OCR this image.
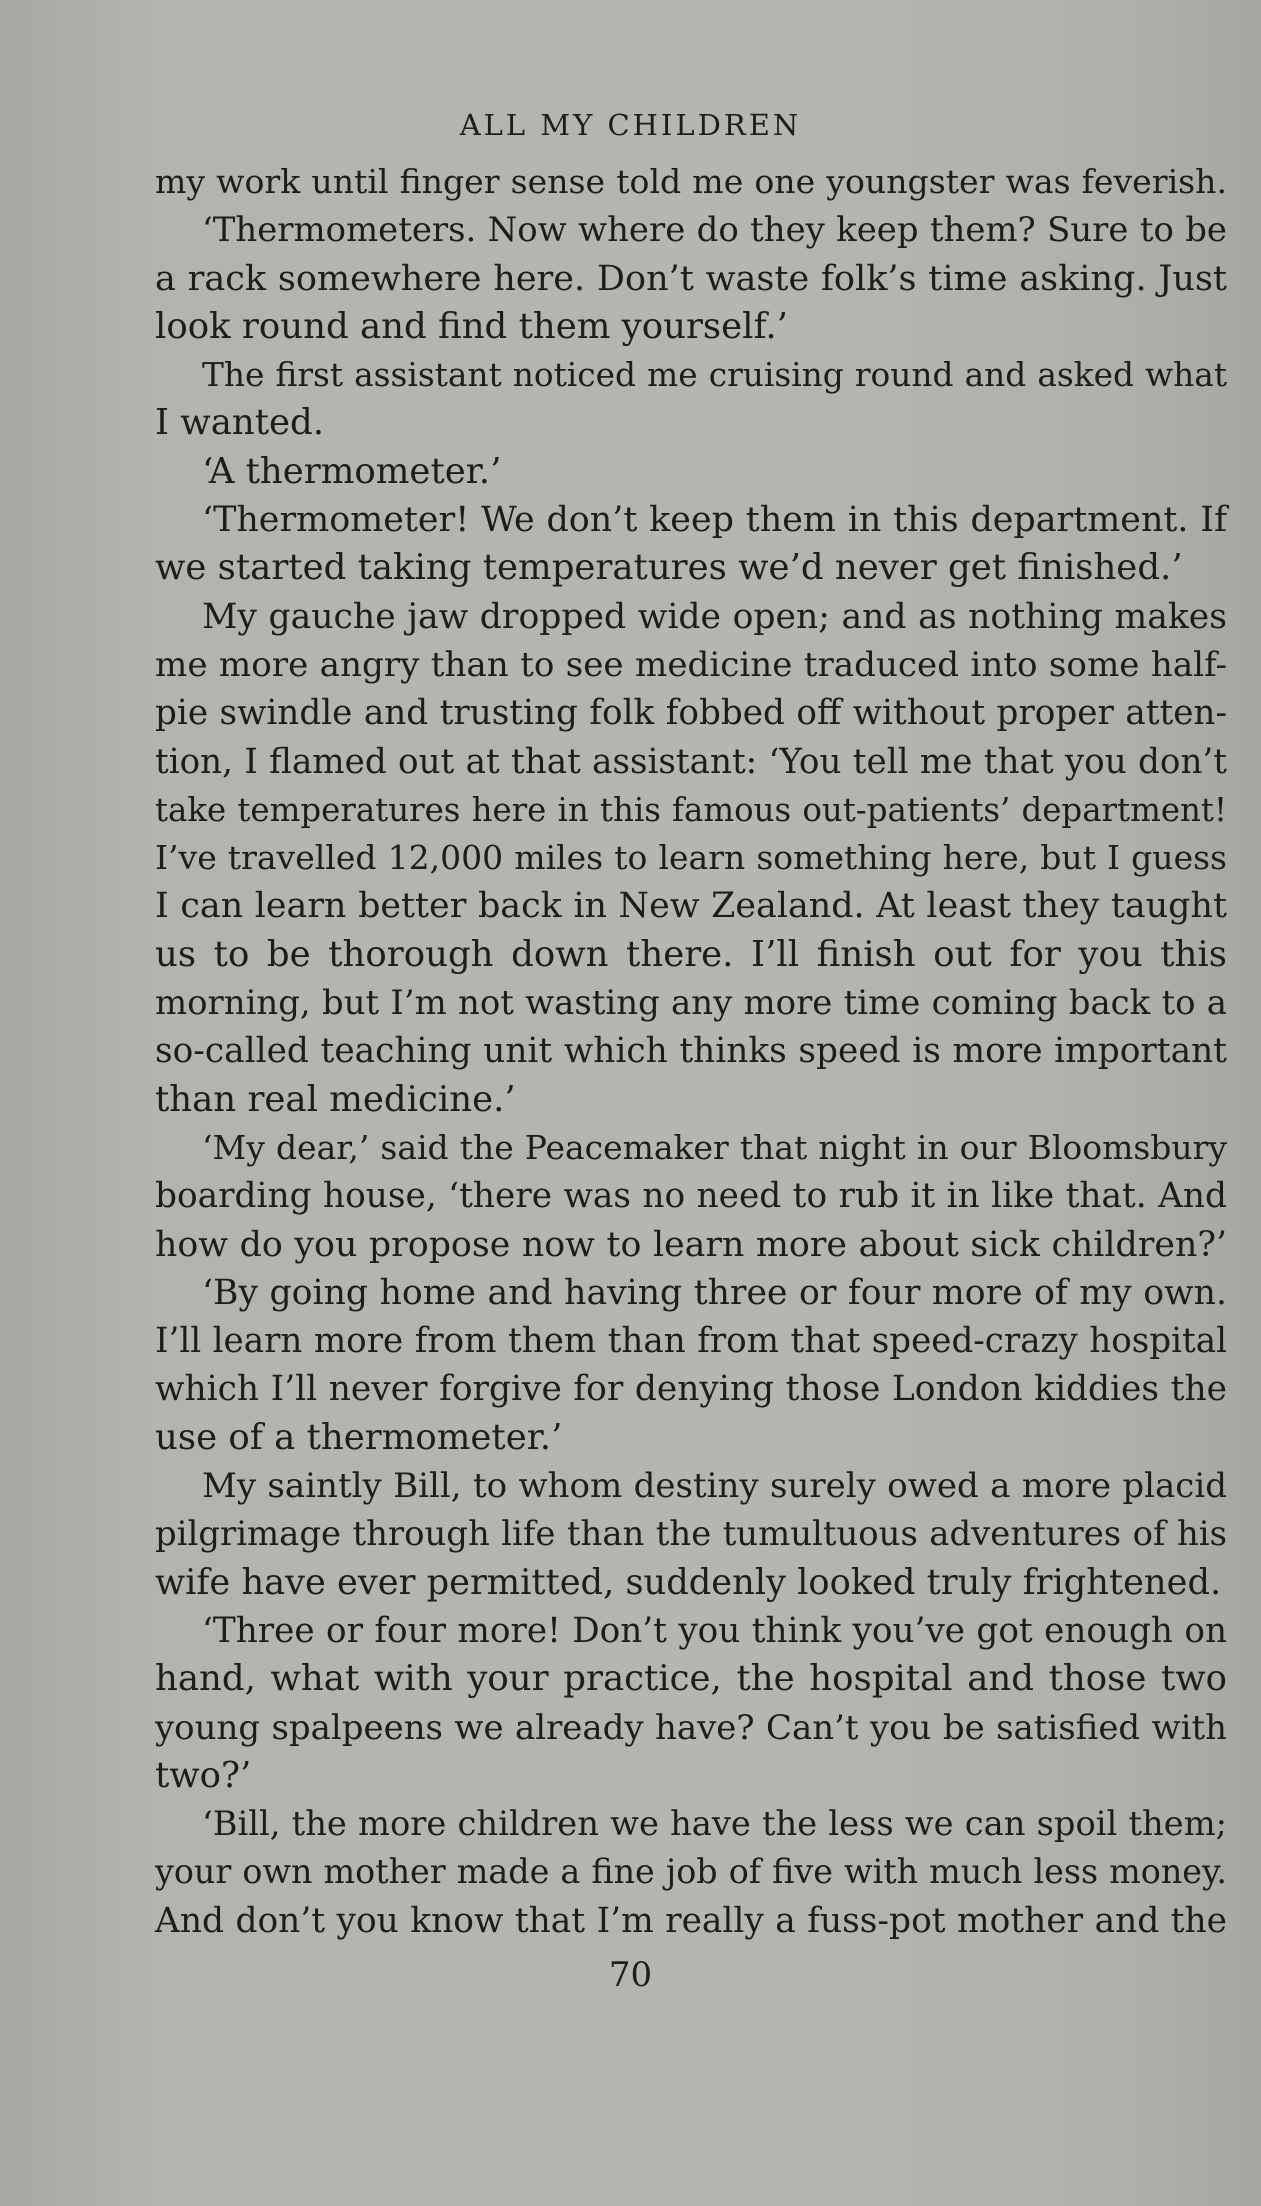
ALL MY CHILDREN
my work until finger sense told me one youngster was feverish.
‘Thermometers. Now where do they keep them? Sure to be
a rack somewhere here. Don’t waste folk’s time asking. Just
look round and find them yourself.’
The first assistant noticed me cruising round and asked what
I wanted.
‘A thermometer.’
‘Thermometer! We don’t keep them in this department. If
we started taking temperatures we’d never get finished.’
My gauche jaw dropped wide open; and as nothing makes
me more angry than to see medicine traduced into some half-
pie swindle and trusting folk fobbed off without proper atten-
tion, I flamed out at that assistant: ‘You tell me that you don’t
take temperatures here in this famous out-patients’ department!
I’ve travelled 12,000 miles to learn something here, but I guess
I can learn better back in New Zealand. At least they taught
us to be thorough down there. I’ll finish out for you this
morning, but I’m not wasting any more time coming back to a
so-called teaching unit which thinks speed is more important
than real medicine.’
‘My dear,’ said the Peacemaker that night in our Bloomsbury
boarding house, ‘there was no need to rub it in like that. And
how do you propose now to learn more about sick children?’
‘By going home and having three or four more of my own.
I’ll learn more from them than from that speed-crazy hospital
which I’ll never forgive for denying those London kiddies the
use of a thermometer.’
My saintly Bill, to whom destiny surely owed a more placid
pilgrimage through life than the tumultuous adventures of his
wife have ever permitted, suddenly looked truly frightened.
‘Three or four more! Don’t you think you’ve got enough on
hand, what with your practice, the hospital and those two
young spalpeens we already have? Can’t you be satisfied with
two?’
‘Bill, the more children we have the less we can spoil them;
your own mother made a fine job of five with much less money.
And don’t you know that I’m really a fuss-pot mother and the
70
